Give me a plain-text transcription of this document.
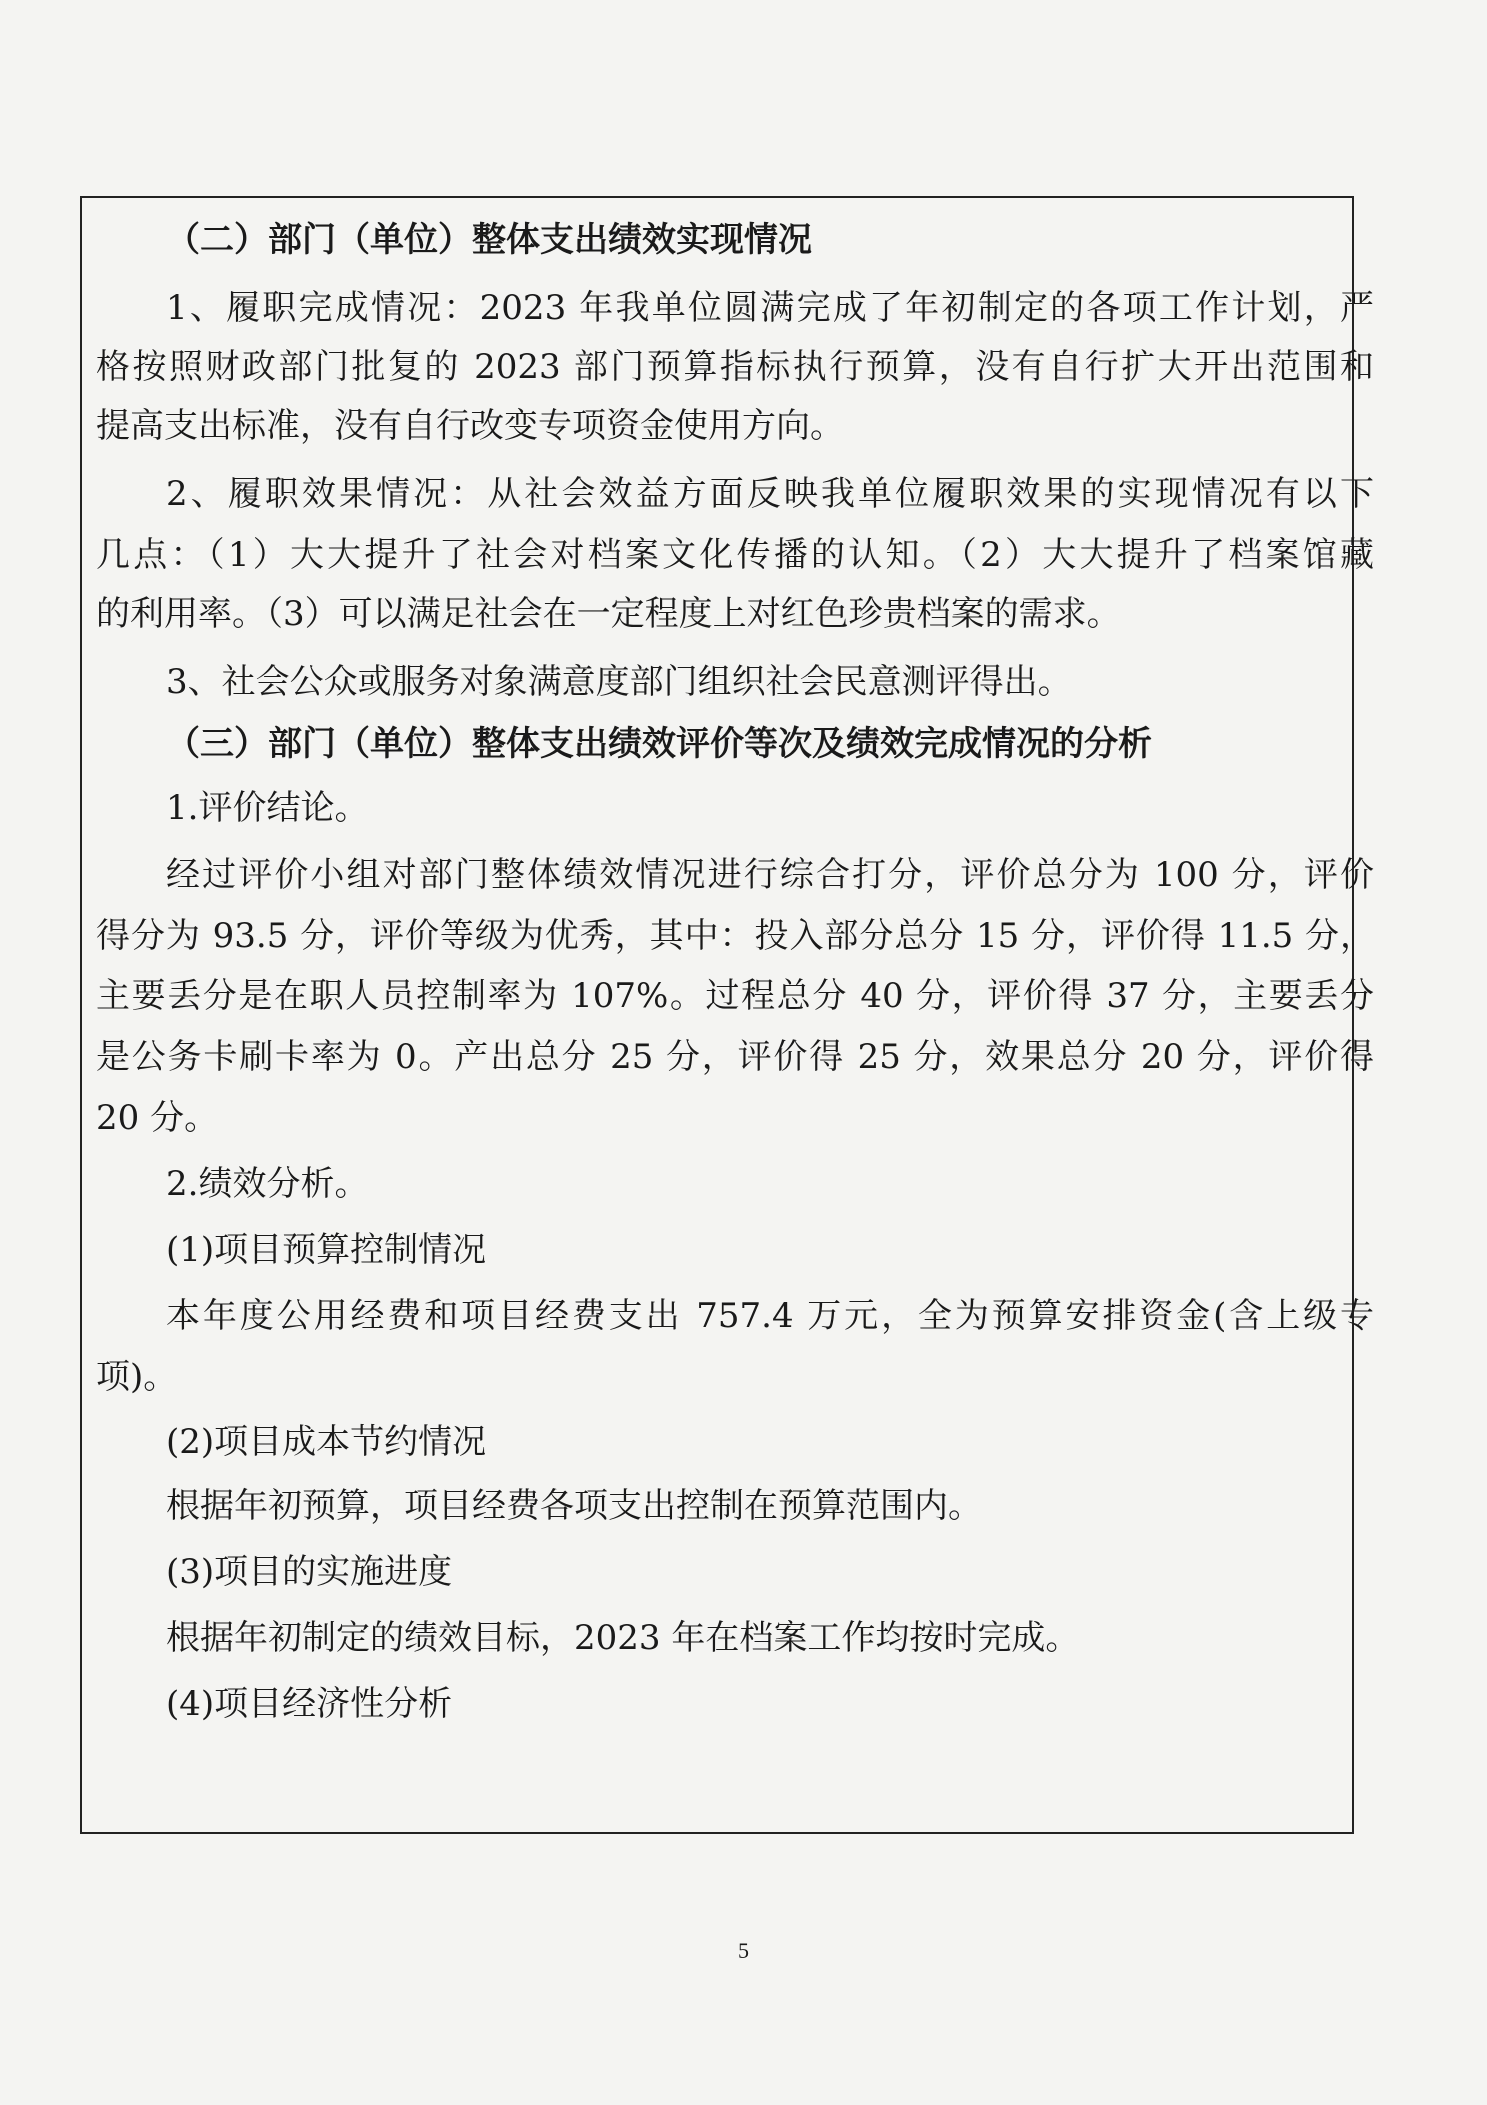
（二）部门（单位）整体支出绩效实现情况
1、履职完成情况：2023 年我单位圆满完成了年初制定的各项工作计划，严
格按照财政部门批复的 2023 部门预算指标执行预算，没有自行扩大开出范围和
提高支出标准，没有自行改变专项资金使用方向。
2、履职效果情况：从社会效益方面反映我单位履职效果的实现情况有以下
几点：（1）大大提升了社会对档案文化传播的认知。（2）大大提升了档案馆藏
的利用率。（3）可以满足社会在一定程度上对红色珍贵档案的需求。
3、社会公众或服务对象满意度部门组织社会民意测评得出。
（三）部门（单位）整体支出绩效评价等次及绩效完成情况的分析
1.评价结论。
经过评价小组对部门整体绩效情况进行综合打分，评价总分为 100 分，评价
得分为 93.5 分，评价等级为优秀，其中：投入部分总分 15 分，评价得 11.5 分，
主要丢分是在职人员控制率为 107%。过程总分 40 分，评价得 37 分，主要丢分
是公务卡刷卡率为 0。产出总分 25 分，评价得 25 分，效果总分 20 分，评价得
20 分。
2.绩效分析。
(1)项目预算控制情况
本年度公用经费和项目经费支出 757.4 万元，全为预算安排资金(含上级专
项)。
(2)项目成本节约情况
根据年初预算，项目经费各项支出控制在预算范围内。
(3)项目的实施进度
根据年初制定的绩效目标，2023 年在档案工作均按时完成。
(4)项目经济性分析
5
